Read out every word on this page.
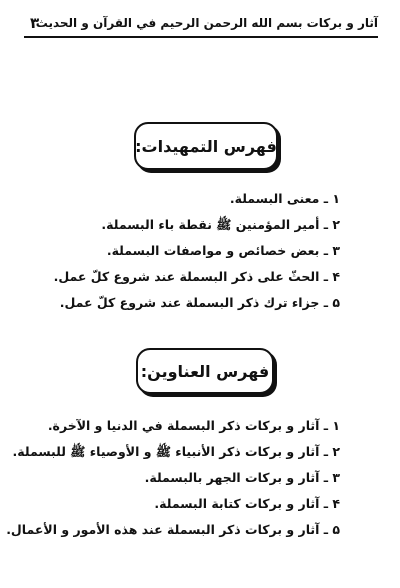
آثار و بركات بسم الله الرحمن الرحيم في القرآن و الحديث
٣
فهرس التمهيدات:
١ ـ معنى البسملة.
٢ ـ أمير المؤمنين ﷺ نقطة باء البسملة.
٣ ـ بعض خصائص و مواصفات البسملة.
۴ ـ الحثّ على ذكر البسملة عند شروع كلّ عمل.
۵ ـ جزاء ترك ذكر البسملة عند شروع كلّ عمل.
فهرس العناوين:
١ ـ آثار و بركات ذكر البسملة في الدنيا و الآخرة.
٢ ـ آثار و بركات ذكر الأنبياء ﷺ و الأوصياء ﷺ للبسملة.
٣ ـ آثار و بركات الجهر بالبسملة.
۴ ـ آثار و بركات كتابة البسملة.
۵ ـ آثار و بركات ذكر البسملة عند هذه الأمور و الأعمال.
